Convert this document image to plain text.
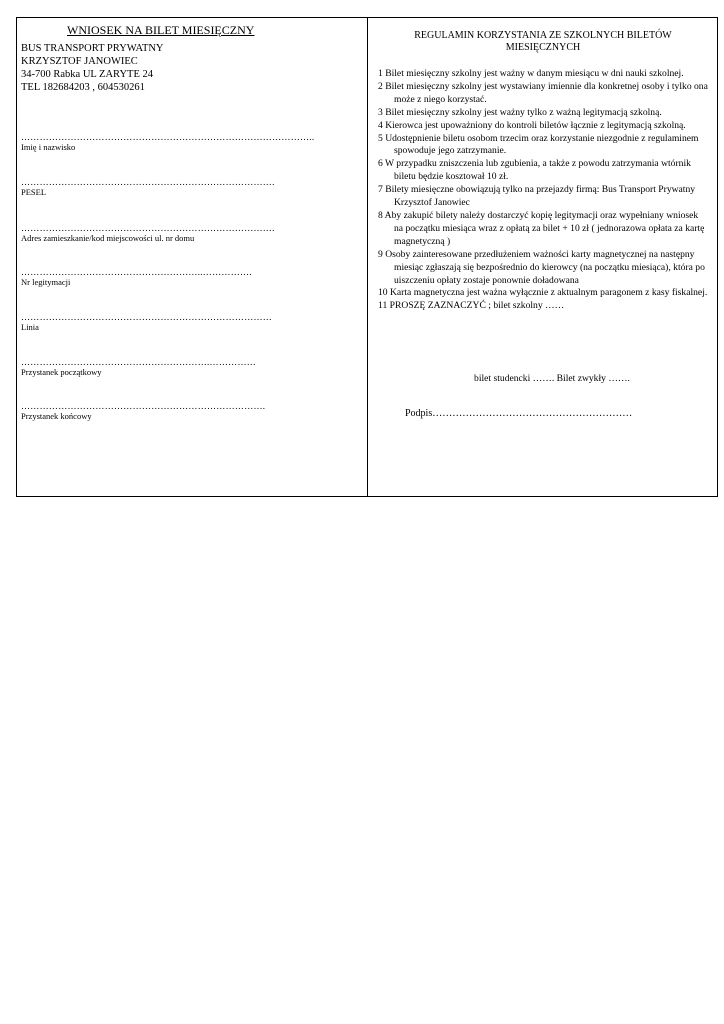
WNIOSEK NA BILET MIESIĘCZNY
BUS TRANSPORT PRYWATNY
KRZYSZTOF JANOWIEC
34-700 Rabka UL ZARYTE 24
TEL 182684203 , 604530261
…………………………………………………………………………………..
Imię i nazwisko
……………………………………………………………………….
PESEL
……………………………………………………………………….
Adres zamieszkanie/kod miejscowości ul. nr domu
…………………………………………………..…………….
Nr legitymacji
………………………………………………………………………
Linia
…………………………………………………….……………
Przystanek początkowy
…………………………………………………………………….
Przystanek końcowy
REGULAMIN KORZYSTANIA ZE SZKOLNYCH BILETÓW
MIESIĘCZNYCH
1 Bilet miesięczny szkolny jest ważny w danym miesiącu w dni nauki szkolnej.
2 Bilet miesięczny szkolny jest wystawiany imiennie dla konkretnej osoby i tylko ona może z niego korzystać.
3 Bilet miesięczny szkolny jest ważny tylko z ważną legitymacją szkolną.
4 Kierowca jest upoważniony do kontroli biletów łącznie z legitymacją szkolną.
5 Udostępnienie biletu osobom trzecim oraz korzystanie niezgodnie z regulaminem spowoduje jego zatrzymanie.
6 W przypadku zniszczenia lub zgubienia, a także z powodu zatrzymania wtórnik biletu będzie kosztował 10 zł.
7 Bilety miesięczne obowiązują tylko na przejazdy firmą: Bus Transport Prywatny Krzysztof Janowiec
8 Aby zakupić bilety należy dostarczyć kopię legitymacji oraz wypełniany wniosek na początku miesiąca wraz z opłatą za bilet + 10 zł ( jednorazowa opłata za kartę magnetyczną )
9 Osoby zainteresowane przedłużeniem ważności karty magnetycznej na następny miesiąc zgłaszają się bezpośrednio do kierowcy (na początku miesiąca), która po uiszczeniu opłaty zostaje ponownie doładowana
10 Karta magnetyczna jest ważna wyłącznie z aktualnym paragonem z kasy fiskalnej.
11 PROSZĘ ZAZNACZYĆ ; bilet szkolny ……
bilet studencki ……. Bilet zwykły …….
Podpis……………………………………………………
